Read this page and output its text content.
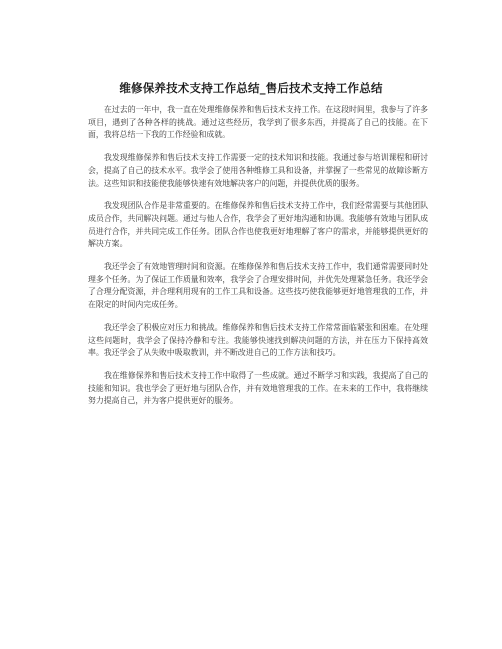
维修保养技术支持工作总结_售后技术支持工作总结

在过去的一年中，我一直在处理维修保养和售后技术支持工作。在这段时间里，我参与了许多项目，遇到了各种各样的挑战。通过这些经历，我学到了很多东西，并提高了自己的技能。在下面，我将总结一下我的工作经验和成就。

我发现维修保养和售后技术支持工作需要一定的技术知识和技能。我通过参与培训课程和研讨会，提高了自己的技术水平。我学会了使用各种维修工具和设备，并掌握了一些常见的故障诊断方法。这些知识和技能使我能够快速有效地解决客户的问题，并提供优质的服务。

我发现团队合作是非常重要的。在维修保养和售后技术支持工作中，我们经常需要与其他团队成员合作，共同解决问题。通过与他人合作，我学会了更好地沟通和协调。我能够有效地与团队成员进行合作，并共同完成工作任务。团队合作也使我更好地理解了客户的需求，并能够提供更好的解决方案。

我还学会了有效地管理时间和资源。在维修保养和售后技术支持工作中，我们通常需要同时处理多个任务。为了保证工作质量和效率，我学会了合理安排时间，并优先处理紧急任务。我还学会了合理分配资源，并合理利用现有的工作工具和设备。这些技巧使我能够更好地管理我的工作，并在限定的时间内完成任务。

我还学会了积极应对压力和挑战。维修保养和售后技术支持工作常常面临紧张和困难。在处理这些问题时，我学会了保持冷静和专注。我能够快速找到解决问题的方法，并在压力下保持高效率。我还学会了从失败中吸取教训，并不断改进自己的工作方法和技巧。

我在维修保养和售后技术支持工作中取得了一些成就。通过不断学习和实践，我提高了自己的技能和知识。我也学会了更好地与团队合作，并有效地管理我的工作。在未来的工作中，我将继续努力提高自己，并为客户提供更好的服务。
